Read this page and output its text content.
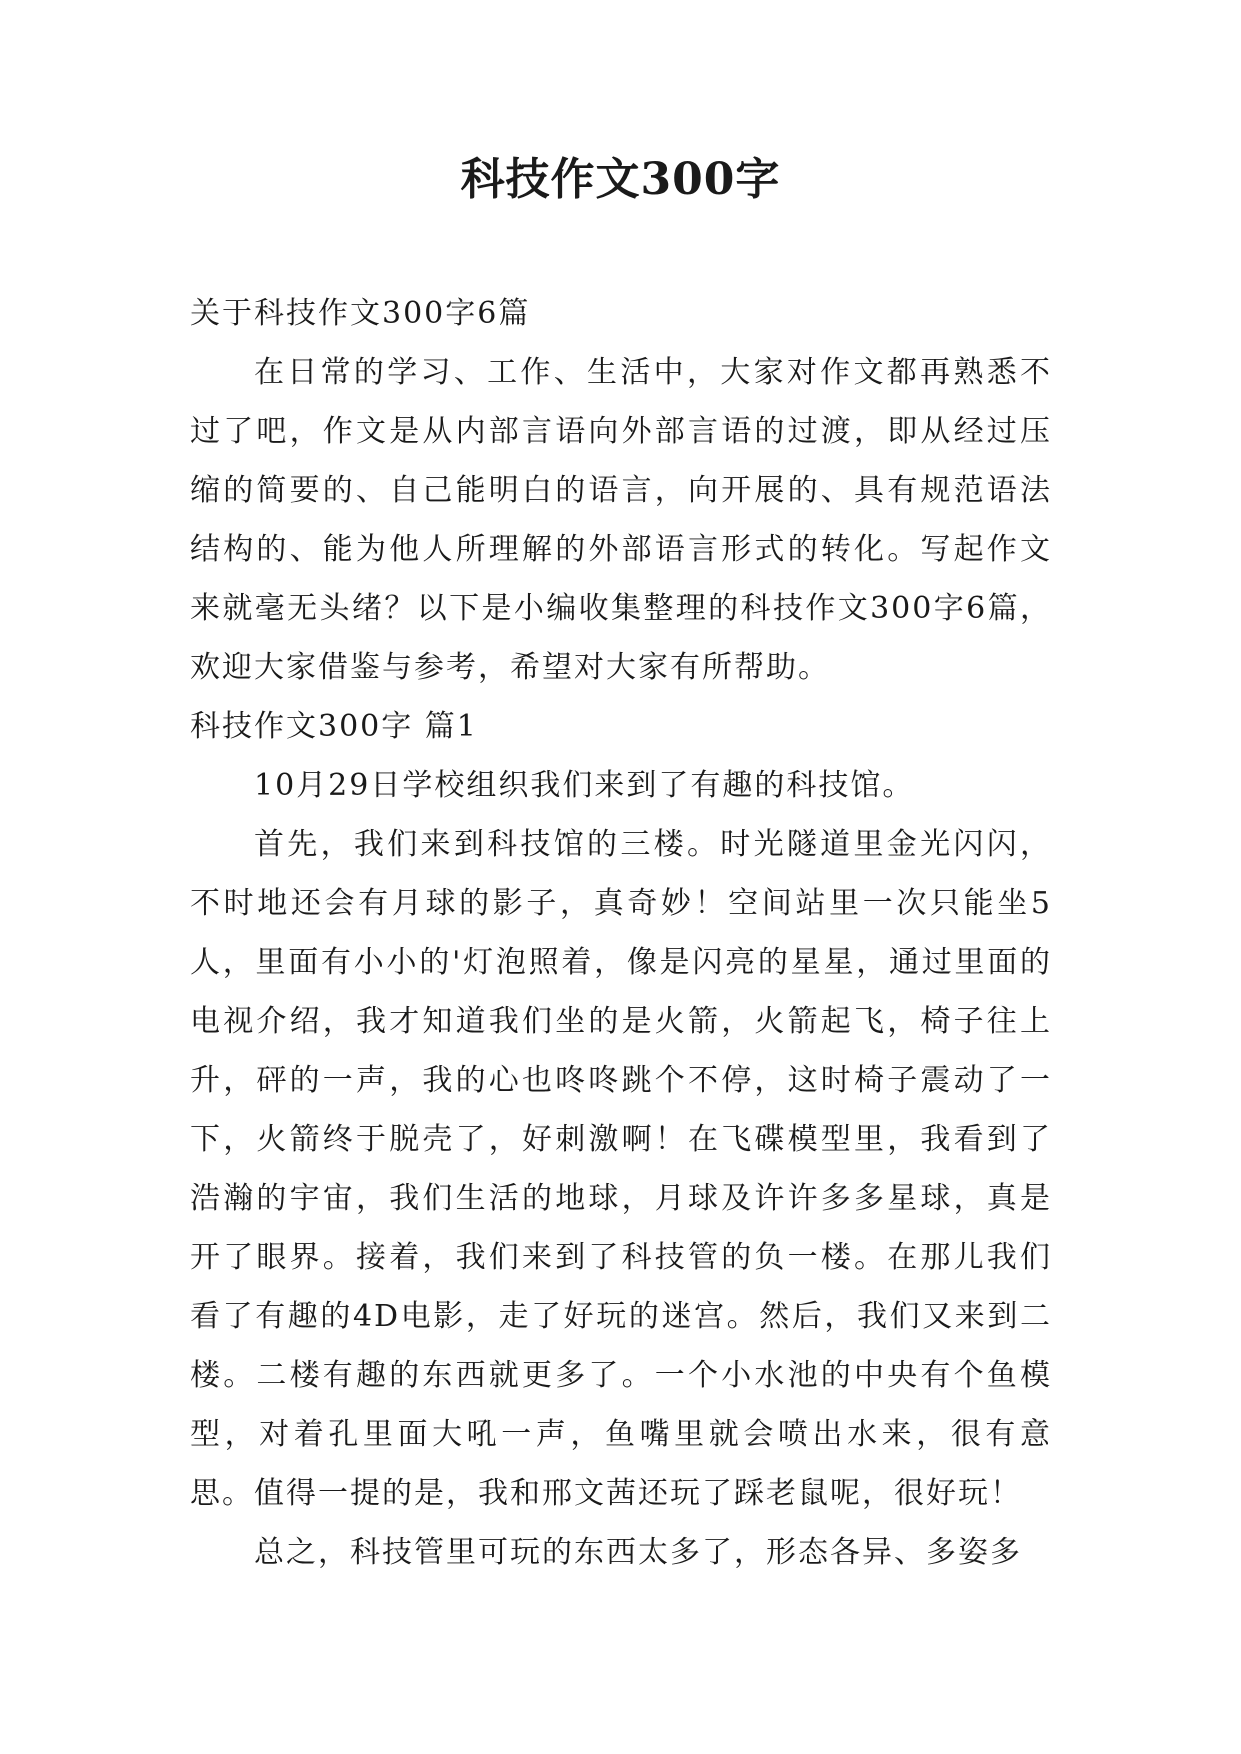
科技作文300字

关于科技作文300字6篇

在日常的学习、工作、生活中，大家对作文都再熟悉不过了吧，作文是从内部言语向外部言语的过渡，即从经过压缩的简要的、自己能明白的语言，向开展的、具有规范语法结构的、能为他人所理解的外部语言形式的转化。写起作文来就毫无头绪？以下是小编收集整理的科技作文300字6篇，欢迎大家借鉴与参考，希望对大家有所帮助。

科技作文300字 篇1

10月29日学校组织我们来到了有趣的科技馆。

首先，我们来到科技馆的三楼。时光隧道里金光闪闪，不时地还会有月球的影子，真奇妙！空间站里一次只能坐5人，里面有小小的'灯泡照着，像是闪亮的星星，通过里面的电视介绍，我才知道我们坐的是火箭，火箭起飞，椅子往上升，砰的一声，我的心也咚咚跳个不停，这时椅子震动了一下，火箭终于脱壳了，好刺激啊！在飞碟模型里，我看到了浩瀚的宇宙，我们生活的地球，月球及许许多多星球，真是开了眼界。接着，我们来到了科技管的负一楼。在那儿我们看了有趣的4D电影，走了好玩的迷宫。然后，我们又来到二楼。二楼有趣的东西就更多了。一个小水池的中央有个鱼模型，对着孔里面大吼一声，鱼嘴里就会喷出水来，很有意思。值得一提的是，我和邢文茜还玩了踩老鼠呢，很好玩！

总之，科技管里可玩的东西太多了，形态各异、多姿多
